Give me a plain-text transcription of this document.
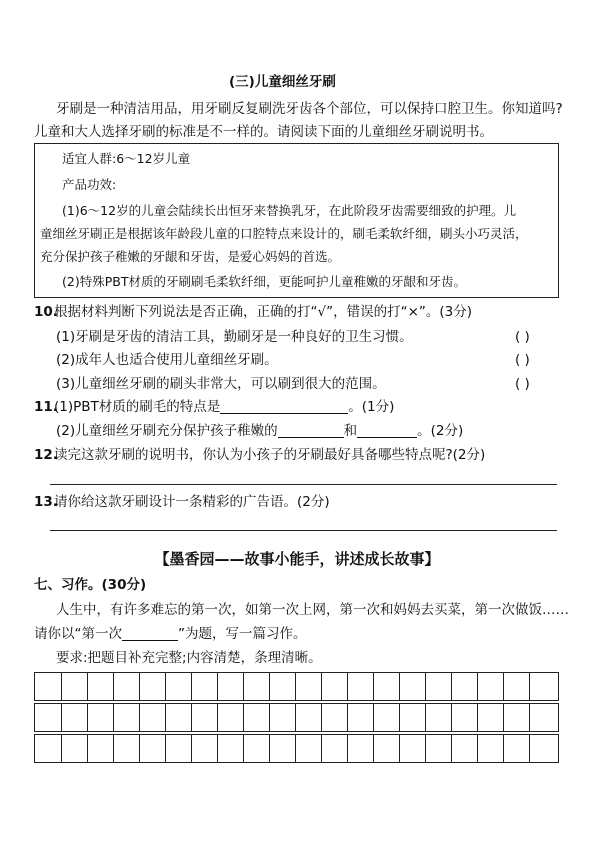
(三)儿童细丝牙刷
牙刷是一种清洁用品，用牙刷反复刷洗牙齿各个部位，可以保持口腔卫生。你知道吗?
儿童和大人选择牙刷的标准是不一样的。请阅读下面的儿童细丝牙刷说明书。
适宜人群:6～12岁儿童
产品功效:
(1)6～12岁的儿童会陆续长出恒牙来替换乳牙，在此阶段牙齿需要细致的护理。儿
童细丝牙刷正是根据该年龄段儿童的口腔特点来设计的，刷毛柔软纤细，刷头小巧灵活，
充分保护孩子稚嫩的牙龈和牙齿，是爱心妈妈的首选。
(2)特殊PBT材质的牙刷刷毛柔软纤细，更能呵护儿童稚嫩的牙龈和牙齿。
10.
根据材料判断下列说法是否正确，正确的打“√”，错误的打“×”。(3分)
(1)牙刷是牙齿的清洁工具，勤刷牙是一种良好的卫生习惯。	( )
(2)成年人也适合使用儿童细丝牙刷。	( )
(3)儿童细丝牙刷的刷头非常大，可以刷到很大的范围。	( )
11.
(1)PBT材质的刷毛的特点是	。(1分)
(2)儿童细丝牙刷充分保护孩子稚嫩的	和	。(2分)
12.
读完这款牙刷的说明书，你认为小孩子的牙刷最好具备哪些特点呢?(2分)
13.
请你给这款牙刷设计一条精彩的广告语。(2分)
【墨香园——故事小能手，讲述成长故事】
七、习作。(30分)
人生中，有许多难忘的第一次，如第一次上网，第一次和妈妈去买菜，第一次做饭……
请你以“第一次	”为题，写一篇习作。
要求:把题目补充完整;内容清楚，条理清晰。
